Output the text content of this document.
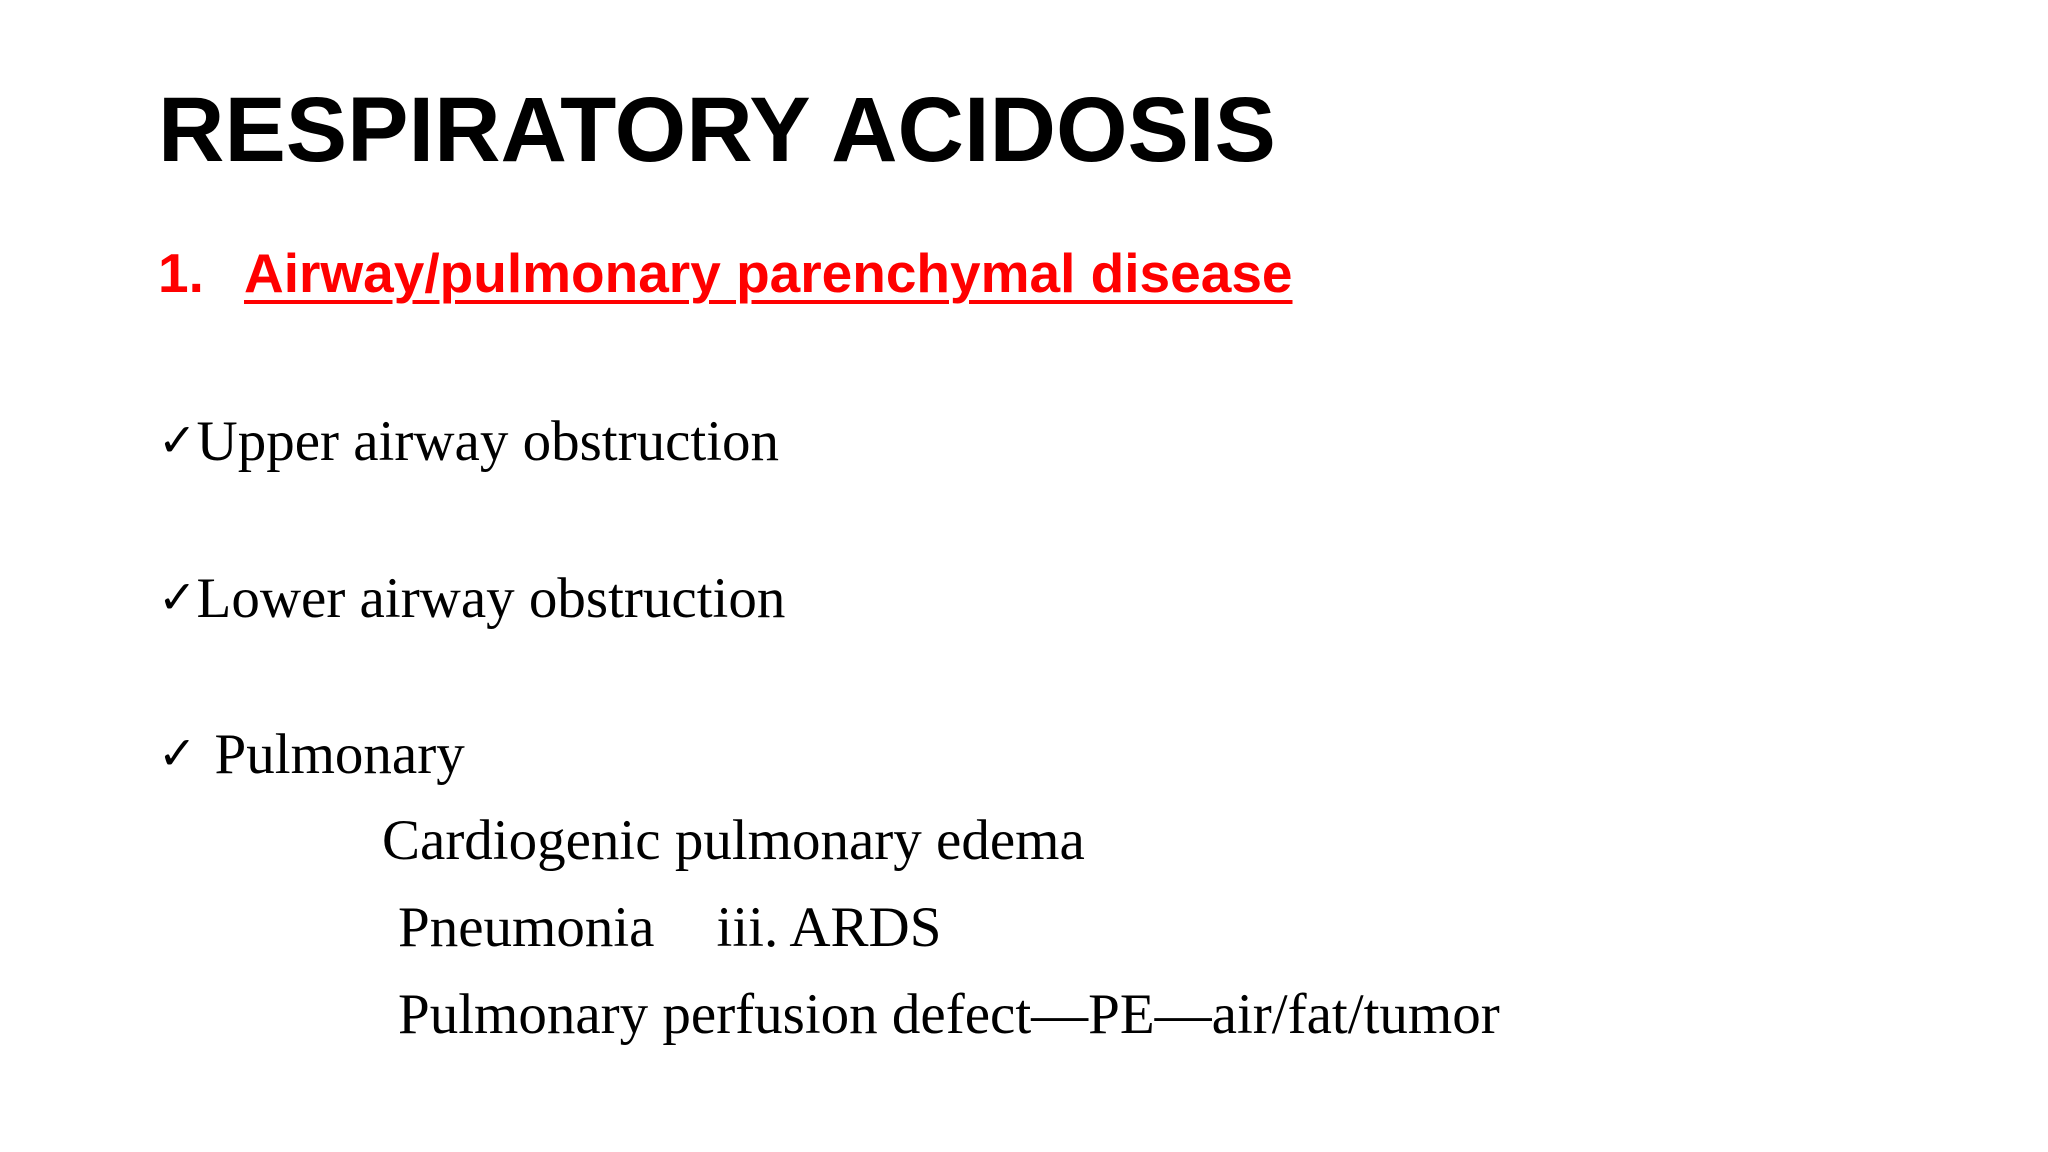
RESPIRATORY ACIDOSIS
1. Airway/pulmonary parenchymal disease
✓Upper airway obstruction
✓Lower airway obstruction
✓ Pulmonary
Cardiogenic pulmonary edema
Pneumonia iii. ARDS
Pulmonary perfusion defect—PE—air/fat/tumor
